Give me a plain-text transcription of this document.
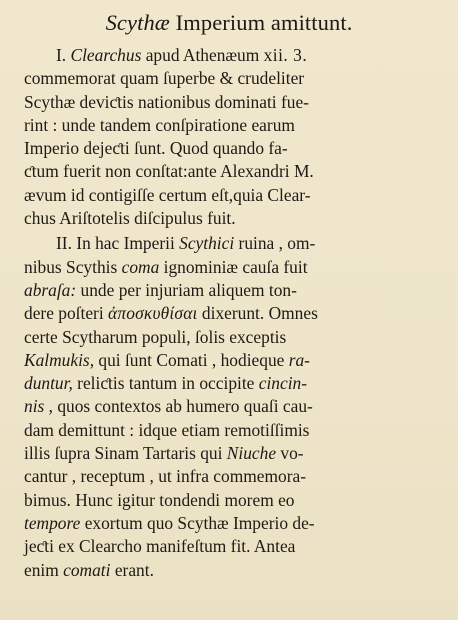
Scythæ Imperium amittunt.
I. Clearchus apud Athenæum xii. 3.
commemorat quam ſuperbe & crudeliter
Scythæ deviƈtis nationibus dominati fue-
rint : unde tandem conſpiratione earum
Imperio dejeƈti ſunt. Quod quando fa-
ƈtum fuerit non conſtat:ante Alexandri M.
ævum id contigiſſe certum eſt,quia Clear-
chus Ariſtotelis diſcipulus fuit.
II. In hac Imperii Scythici ruina , om-
nibus Scythis coma ignominiæ cauſa fuit
abraſa: unde per injuriam aliquem ton-
dere poſteri ἀποσκυθίσαι dixerunt. Omnes
certe Scytharum populi, ſolis exceptis
Kalmukis, qui ſunt Comati , hodieque ra-
duntur, reliƈtis tantum in occipite cincin-
nis , quos contextos ab humero quaſi cau-
dam demittunt : idque etiam remotiſſimis
illis ſupra Sinam Tartaris qui Niuche vo-
cantur , receptum , ut infra commemora-
bimus. Hunc igitur tondendi morem eo
tempore exortum quo Scythæ Imperio de-
jeƈti ex Clearcho manifeſtum fit. Antea
enim comati erant.
